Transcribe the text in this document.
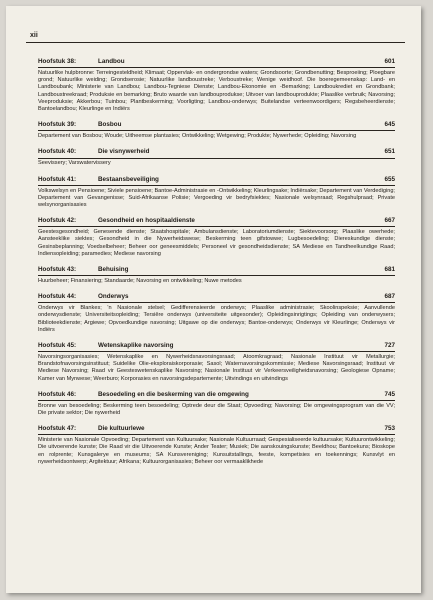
xii
Hoofstuk 38:	Landbou	601
Natuurlike hulpbronne: Terreingesteldheid; Klimaat; Oppervlak- en ondergrondse waters; Grondsoorte; Grondbenutting; Besproeiing; Ploegbare grond; Natuurlike weiding; Grondserosie; Natuurlike landboustreke; Verboustreke; Wenige weidhoof. Die boeregemeenskap: Land- en Landboubank; Ministerie van Landbou; Landbou-Tegniese Dienste; Landbou-Ekonomie en -Bemarking; Landboukrediet en Grondbank; Landboustreekraad; Produksie en bemarking; Bruto waarde van landbouprodukse; Uitvoer van landbouprodukte; Plaaslike verbruik; Navorsing; Veeproduksie; Akkerbou; Tuinbou; Plantbeskerming; Voorligting; Landbou-onderwys; Buitelandse verteenwoordigers; Regsbeheerdienste; Bantoelandbou; Kleurlinge en Indiërs
Hoofstuk 39:	Bosbou	645
Departement van Bosbou; Woude; Uitheemse plantasies; Ontwikkeling; Wetgewing; Produkte; Nywerhede; Opleiding; Navorsing
Hoofstuk 40:	Die visnywerheid	651
Seevissery; Varswatervissery
Hoofstuk 41:	Bestaansbeveiliging	655
Volkswelsyn en Pensioene; Siviele pensioene; Bantoe-Administrasie en -Ontwikkeling; Kleurlingsake; Indiërsake; Departement van Verdediging; Departement van Gevangenisse; Suid-Afrikaanse Polisie; Vergoeding vir bedryfsiektes; Nasionale welsynraad; Regshulpraad; Private welsynorganisasies
Hoofstuk 42:	Gesondheid en hospitaaldienste	667
Geestesgesondheid; Genesende dienste; Staatshospitale; Ambulansdienste; Laboratoriumdienste; Siektevoorsorg; Plaaslike owerhede; Aansteeklike siektes; Gesondheid in die Nywerheidswese; Beskerming teen gifstowwe; Lugbesoedeling; Diereskundige dienste; Gesinsbeplanning; Voedselbeheer; Beheer oor geneesmiddels; Personeel vir gesondheidsdienste; SA Mediese en Tandheelkundige Raad; Indiensopleiding; paramedies; Mediese navorsing
Hoofstuk 43:	Behuising	681
Huurbeheer; Finansiering; Standaarde; Navorsing en ontwikkeling; Nuwe metodes
Hoofstuk 44:	Onderwys	687
Onderwys vir Blankes; 'n Nasionale stelsel; Gedifferensieerde onderwys; Plaaslike administrasie; Skoolinspeksie; Aanvullende onderwysdienste; Universiteitsopleiding; Tersiêre onderwys (universiteite uitgesonder); Opleidingsinrigtings; Opleiding van onderwysers; Biblioteekdienste; Argiewe; Opvoedkundige navorsing; Uitgawe op die onderwys; Bantoe-onderwys; Onderwys vir Kleurlinge; Onderwys vir Indiërs
Hoofstuk 45:	Wetenskaplike navorsing	727
Navorsingsorganisasies; Wetenskaplike en Nywerheidsnavorsingsraad; Atoomkragraad; Nasionale Instituut vir Metallurgie; Brandstofnavorsingsinstituut; Suidelike Olie-eksploraiskorporasie; Sasol; Waternavorsingskommissie; Mediese Navorsingsraad; Instituut vir Mediese Navorsing; Raad vir Geesteswetenskaplike Navorsing; Nasionale Instituut vir Verkeersveiligheidsnavorsing; Geologiese Opname; Kamer van Mynwese; Weerburo; Korporasies en navorsingsdepartemente; Uitvindings en uitvindings
Hoofstuk 46:	Besoedeling en die beskerming van die omgewing	745
Bronne van besoedeling; Beskerming teen besoedeling; Optrede deur die Staat; Opvoeding; Navorsing; Die omgewingsprogram van die VV; Die private sektor; Die nywerheid
Hoofstuk 47:	Die kultuurlewe	753
Ministerie van Nasionale Opvoeding; Departement van Kultuursake; Nasionale Kultuurraad; Gespesialiseerde kultuursake; Kultuurontwikkeling; Die uitvoerende kunste; Die Raad vir die Uitvoerende Kunste; Ander Teater; Musiek; Die aanskouingskunste; Beeldhou; Bantoekuns; Bioskope en rolprente; Kunsgalerye en museums; SA Kunsvereniging; Kunsuitstallings, feeste, kompetisies en toekennings; Kunsvlyt en nywerheidsontwerp; Argitektuur; Afrikana; Kultuurorganisasies; Beheer oor vermaaklikhede
